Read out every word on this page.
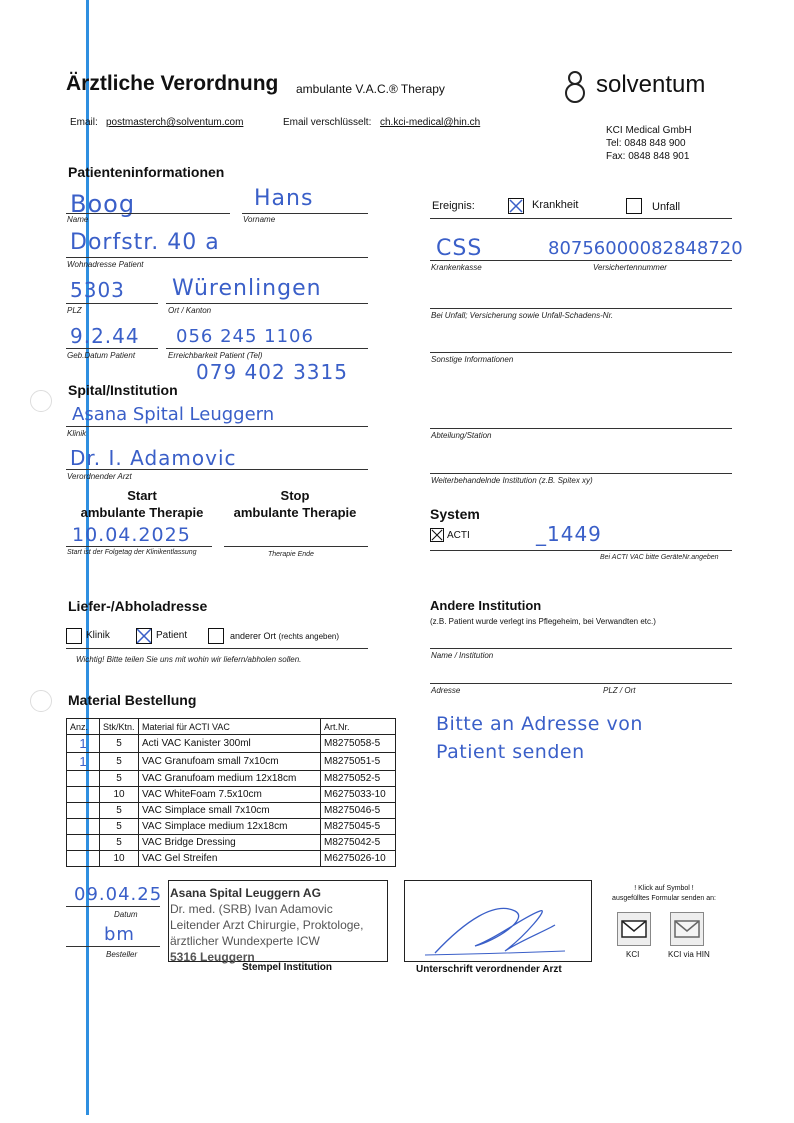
Ärztliche Verordnung ambulante V.A.C.® Therapy	solventum
Email: postmasterch@solventum.com	Email verschlüsselt: ch.kci-medical@hin.ch
KCI Medical GmbH
Tel: 0848 848 900
Fax: 0848 848 901
Patienteninformationen
Boog
Name
Hans
Vorname
Dorfstr. 40 a
Wohnadresse Patient
5303
PLZ
Würenlingen
Ort / Kanton
9.2.44
Geb.Datum Patient
056 245 1106
Erreichbarkeit Patient (Tel)
079 402 3315
Ereignis:	Krankheit	Unfall
CSS	80756000082848720
Krankenkasse	Versichertennummer
Bei Unfall; Versicherung sowie Unfall-Schadens-Nr.
Sonstige Informationen
Spital/Institution
Asana Spital Leuggern
Klinik
Dr. I. Adamovic
Verordnender Arzt
Abteilung/Station
Weiterbehandelnde Institution (z.B. Spitex xy)
Start
ambulante Therapie
Stop
ambulante Therapie
10.04.2025
Start ist der Folgetag der Klinikentlassung	Therapie Ende
System
ACTI	_1449
Bei ACTI VAC bitte GeräteNr.angeben
Liefer-/Abholadresse
Klinik	Patient	anderer Ort (rechts angeben)
Wichtig! Bitte teilen Sie uns mit wohin wir liefern/abholen sollen.
Andere Institution
(z.B. Patient wurde verlegt ins Pflegeheim, bei Verwandten etc.)
Name / Institution
Adresse	PLZ / Ort
Bitte an Adresse von
Patient senden
Material Bestellung
Anz.	Stk/Ktn.	Material für ACTI VAC	Art.Nr.
1	5	Acti VAC Kanister 300ml	M8275058-5
1	5	VAC Granufoam small 7x10cm	M8275051-5
	5	VAC Granufoam medium 12x18cm	M8275052-5
	10	VAC WhiteFoam 7.5x10cm	M6275033-10
	5	VAC Simplace small 7x10cm	M8275046-5
	5	VAC Simplace medium 12x18cm	M8275045-5
	5	VAC Bridge Dressing	M8275042-5
	10	VAC Gel Streifen	M6275026-10
09.04.25
Datum
bm
Besteller
Asana Spital Leuggern AG
Dr. med. (SRB) Ivan Adamovic
Leitender Arzt Chirurgie, Proktologe,
ärztlicher Wundexperte ICW
5316 Leuggern
Stempel Institution	Unterschrift verordnender Arzt
! Klick auf Symbol !
ausgefülltes Formular senden an:
KCI	KCI via HIN
